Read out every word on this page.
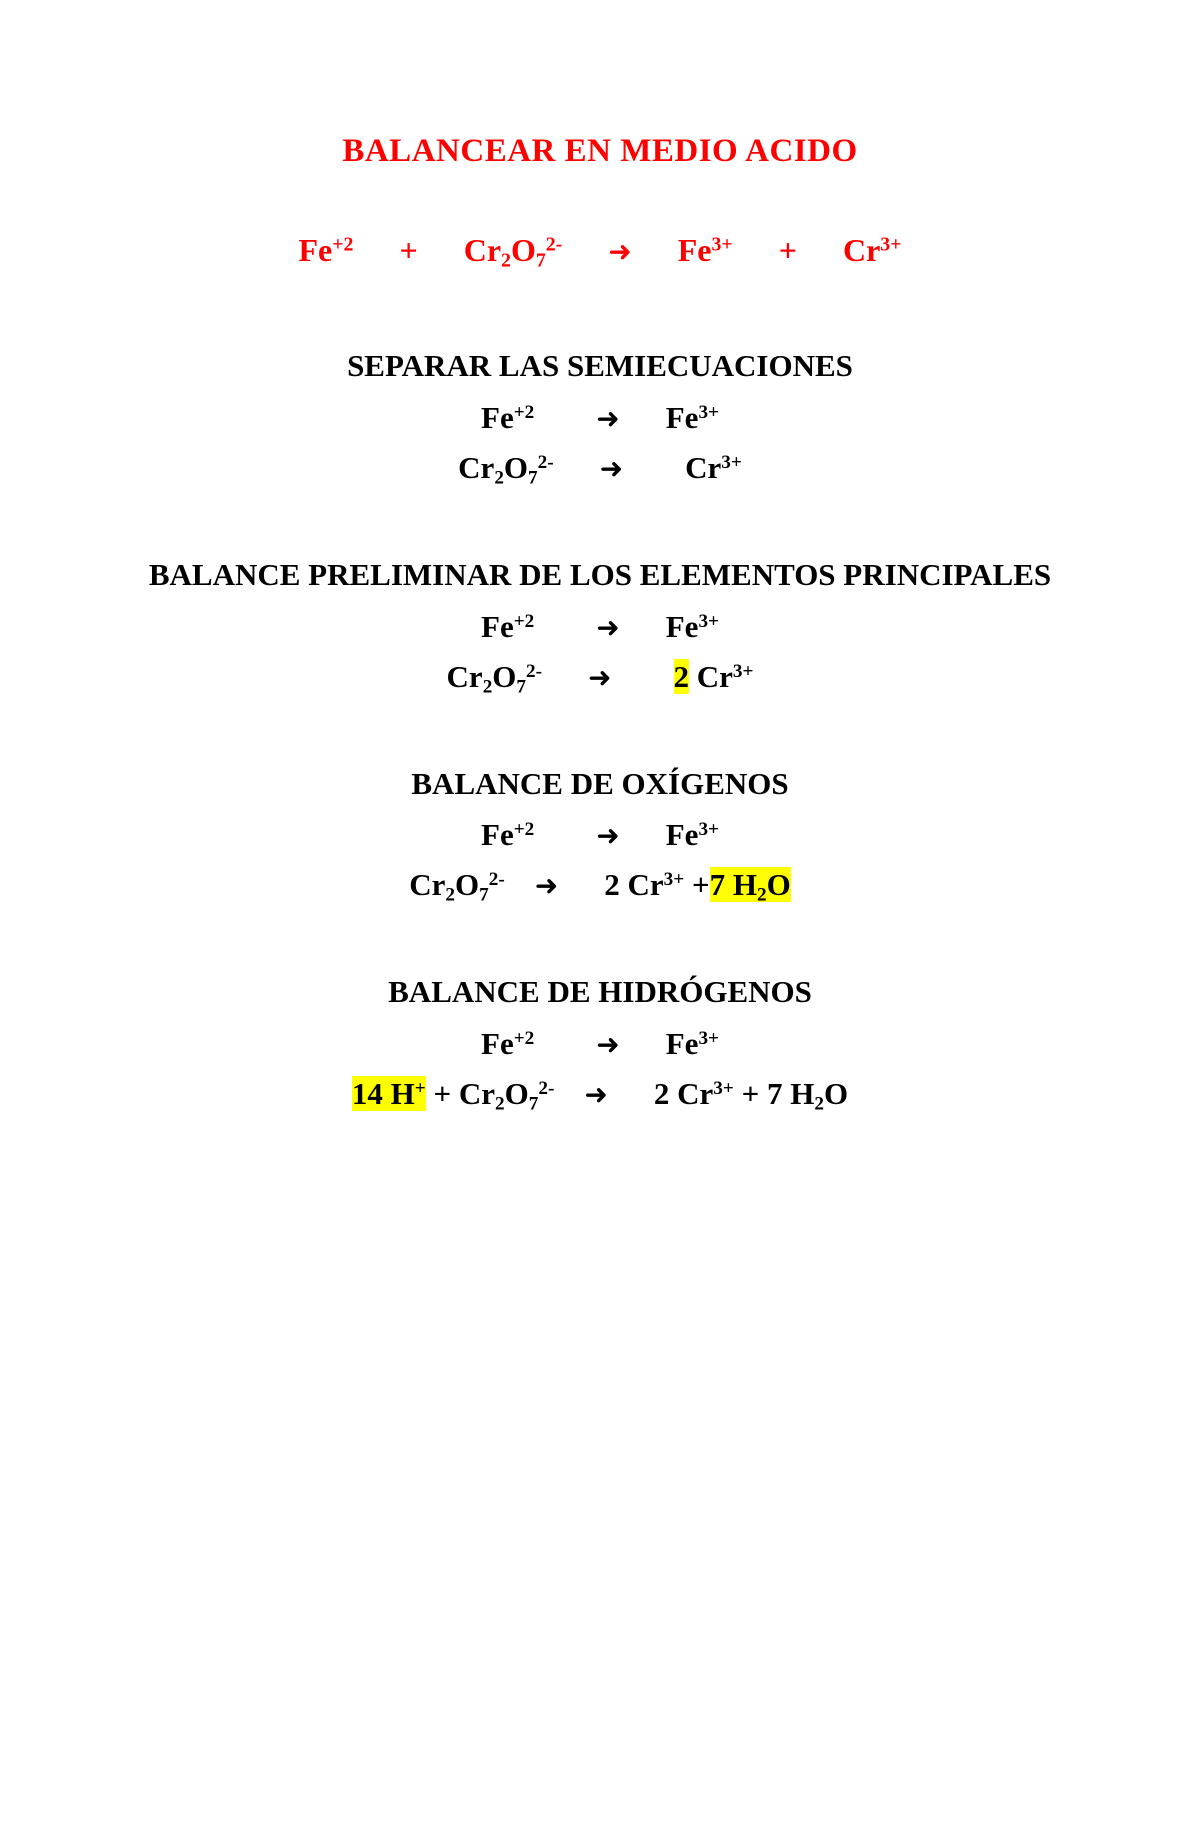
BALANCEAR EN MEDIO ACIDO
$Fe^{+2} + Cr_2O_7^{2-}$ ➜ $Fe^{3+} + Cr^{3+}$
SEPARAR LAS SEMIECUACIONES
$Fe^{+2}$ ➜ $Fe^{3+}$
$Cr_2O_7^{2-}$ ➜ $Cr^{3+}$
BALANCE PRELIMINAR DE LOS ELEMENTOS PRINCIPALES
$Fe^{+2}$ ➜ $Fe^{3+}$
$Cr_2O_7^{2-}$ ➜ 2 $Cr^{3+}$
BALANCE DE OXÍGENOS
$Fe^{+2}$ ➜ $Fe^{3+}$
$Cr_2O_7^{2-}$ ➜ 2 $Cr^{3+} +7$ $H_2O$
BALANCE DE HIDRÓGENOS
$Fe^{+2}$ ➜ $Fe^{3+}$
14 $H^+ + Cr_2O_7^{2-}$ ➜ 2 $Cr^{3+} + 7$ $H_2O$
